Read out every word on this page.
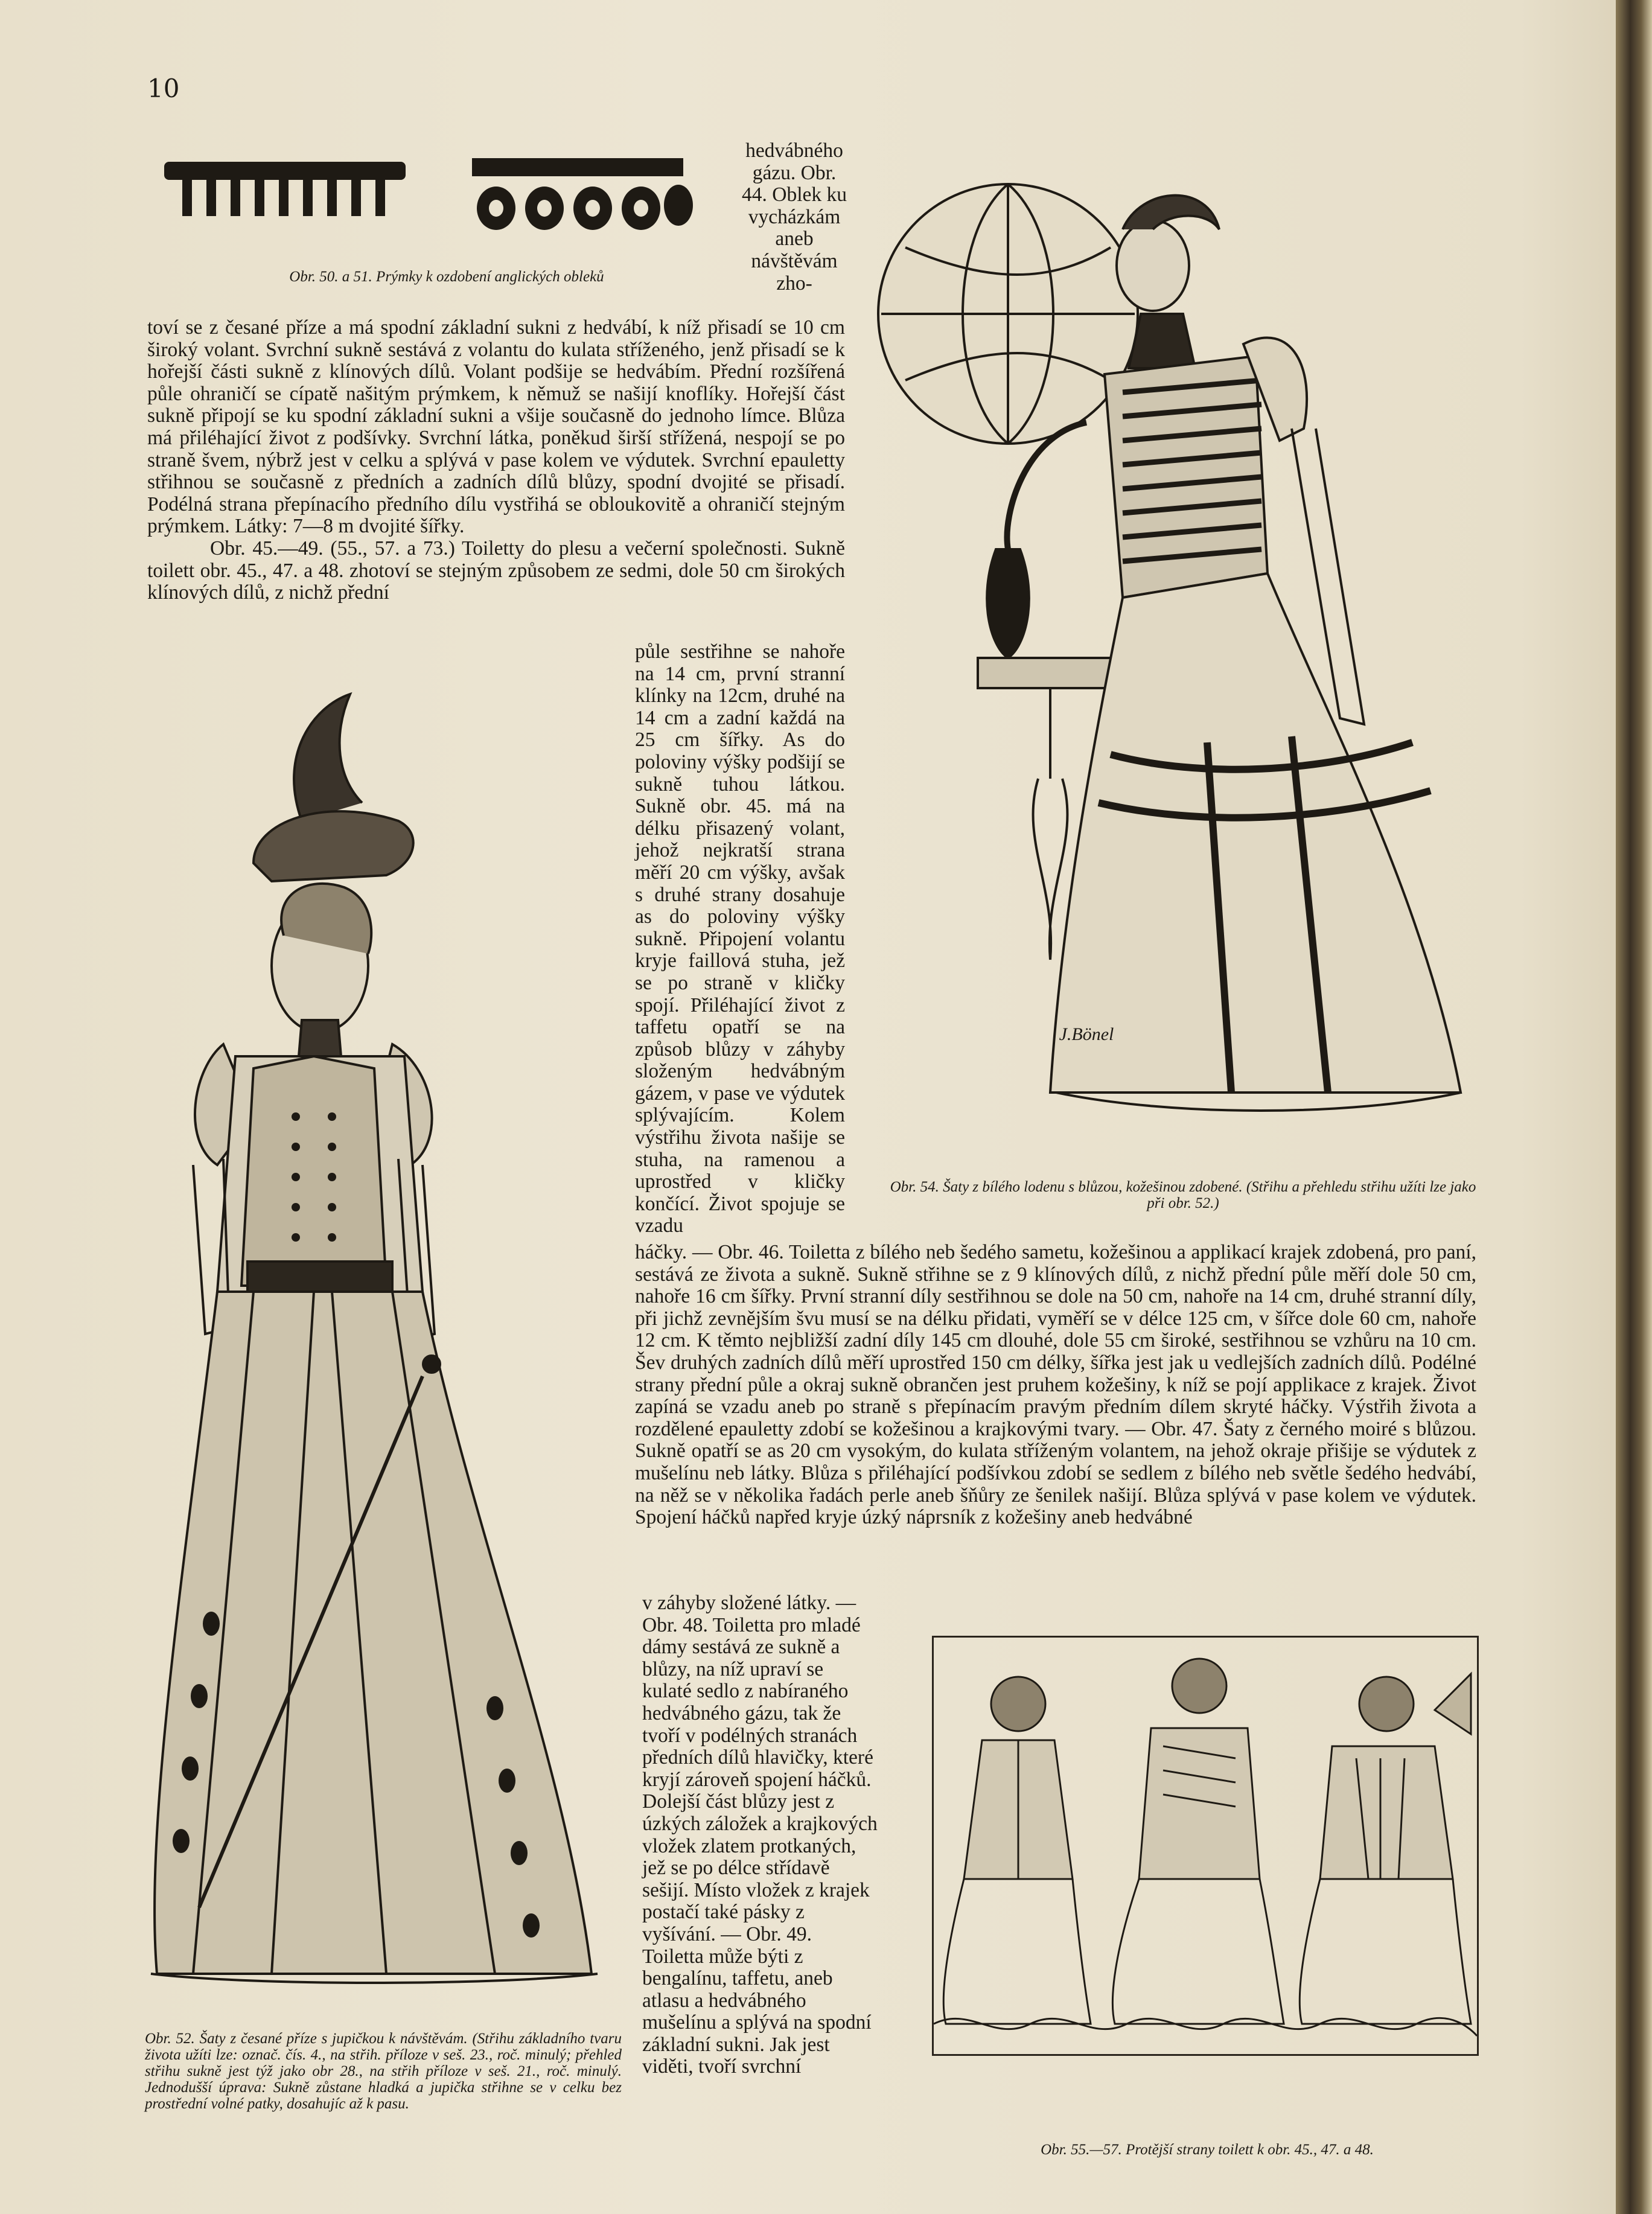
10
Obr. 50. a 51. Prýmky k ozdobení anglických obleků
hedvábného gázu. Obr. 44. Oblek ku vycházkám aneb návštěvám zho-

toví se z česané příze a má spodní základní sukni z hedvábí, k níž přisadí se 10 cm široký volant. Svrchní sukně sestává z volantu do kulata stříženého, jenž přisadí se k hořejší části sukně z klínových dílů. Volant podšije se hedvábím. Přední rozšířená půle ohraničí se cípatě našitým prýmkem, k němuž se našijí knoflíky. Hořejší část sukně připojí se ku spodní základní sukni a všije současně do jednoho límce. Blůza má přiléhající život z podšívky. Svrchní látka, poněkud širší střížená, nespojí se po straně švem, nýbrž jest v celku a splývá v pase kolem ve výdutek. Svrchní epauletty střihnou se současně z předních a zadních dílů blůzy, spodní dvojité se přisadí. Podélná strana přepínacího předního dílu vystřihá se obloukovitě a ohraničí stejným prýmkem. Látky: 7—8 m dvojité šířky.

Obr. 45.—49. (55., 57. a 73.) Toiletty do plesu a večerní společnosti. Sukně toilett obr. 45., 47. a 48. zhotoví se stejným způsobem ze sedmi, dole 50 cm širokých klínových dílů, z nichž přední

půle sestřihne se nahoře na 14 cm, první stranní klínky na 12cm, druhé na 14 cm a zadní každá na 25 cm šířky. As do poloviny výšky podšijí se sukně tuhou látkou. Sukně obr. 45. má na délku přisazený volant, jehož nejkratší strana měří 20 cm výšky, avšak s druhé strany dosahuje as do poloviny výšky sukně. Připojení volantu kryje faillová stuha, jež se po straně v kličky spojí. Přiléhající život z taffetu opatří se na způsob blůzy v záhyby složeným hedvábným gázem, v pase ve výdutek splývajícím. Kolem výstřihu života našije se stuha, na ramenou a uprostřed v kličky končící. Život spojuje se vzadu
Obr. 52. Šaty z česané příze s jupičkou k návštěvám. (Střihu základního tvaru života užíti lze: označ. čís. 4., na střih. příloze v seš. 23., roč. minulý; přehled střihu sukně jest týž jako obr 28., na střih příloze v seš. 21., roč. minulý. Jednodušší úprava: Sukně zůstane hladká a jupička střihne se v celku bez prostřední volné patky, dosahujíc až k pasu.
J.Bönel
Obr. 54. Šaty z bílého lodenu s blůzou, kožešinou zdobené. (Střihu a přehledu střihu užíti lze jako při obr. 52.)
háčky. — Obr. 46. Toiletta z bílého neb šedého sametu, kožešinou a applikací krajek zdobená, pro paní, sestává ze života a sukně. Sukně střihne se z 9 klínových dílů, z nichž přední půle měří dole 50 cm, nahoře 16 cm šířky. První stranní díly sestřihnou se dole na 50 cm, nahoře na 14 cm, druhé stranní díly, při jichž zevnějším švu musí se na délku přidati, vyměří se v délce 125 cm, v šířce dole 60 cm, nahoře 12 cm. K těmto nejbližší zadní díly 145 cm dlouhé, dole 55 cm široké, sestřihnou se vzhůru na 10 cm. Šev druhých zadních dílů měří uprostřed 150 cm délky, šířka jest jak u vedlejších zadních dílů. Podélné strany přední půle a okraj sukně obrančen jest pruhem kožešiny, k níž se pojí applikace z krajek. Život zapíná se vzadu aneb po straně s přepínacím pravým předním dílem skryté háčky. Výstřih života a rozdělené epauletty zdobí se kožešinou a krajkovými tvary. — Obr. 47. Šaty z černého moiré s blůzou. Sukně opatří se as 20 cm vysokým, do kulata stříženým volantem, na jehož okraje přišije se výdutek z mušelínu neb látky. Blůza s přiléhající podšívkou zdobí se sedlem z bílého neb světle šedého hedvábí, na něž se v několika řadách perle aneb šňůry ze šenilek našijí. Blůza splývá v pase kolem ve výdutek. Spojení háčků napřed kryje úzký náprsník z kožešiny aneb hedvábné
v záhyby složené látky. — Obr. 48. Toiletta pro mladé dámy sestává ze sukně a blůzy, na níž upraví se kulaté sedlo z nabíraného hedvábného gázu, tak že tvoří v podélných stranách předních dílů hlavičky, které kryjí zároveň spojení háčků. Dolejší část blůzy jest z úzkých záložek a krajkových vložek zlatem protkaných, jež se po délce střídavě sešijí. Místo vložek z krajek postačí také pásky z vyšívání. — Obr. 49. Toiletta může býti z bengalínu, taffetu, aneb atlasu a hedvábného mušelínu a splývá na spodní základní sukni. Jak jest viděti, tvoří svrchní
Obr. 55.—57. Protější strany toilett k obr. 45., 47. a 48.
